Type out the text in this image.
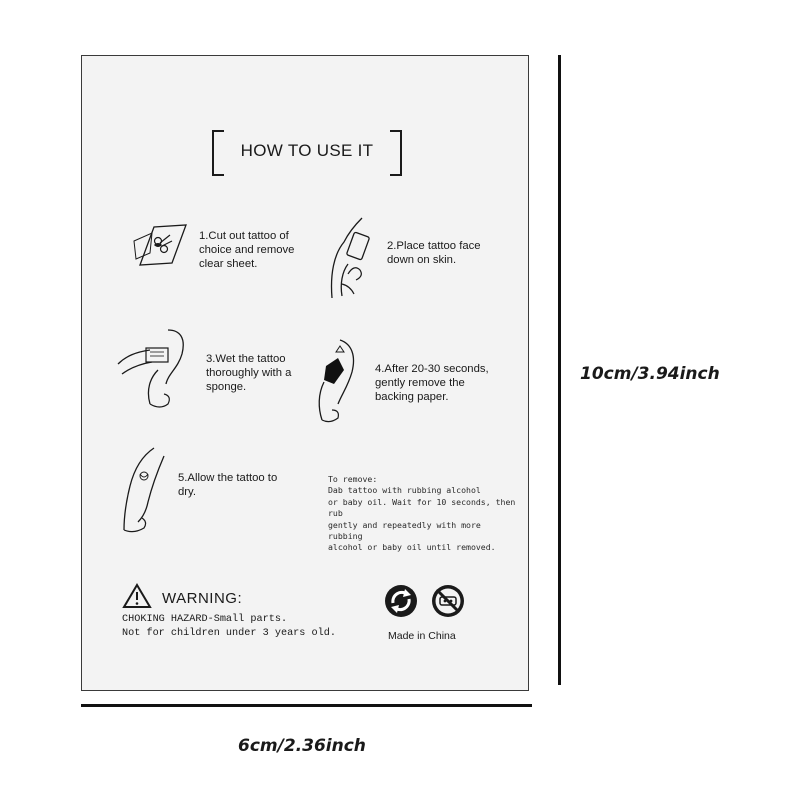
HOW TO USE IT
1.Cut out tattoo of choice and remove clear sheet.
2.Place tattoo face down on skin.
3.Wet the tattoo thoroughly with a sponge.
4.After 20-30 seconds, gently remove the backing paper.
5.Allow the tattoo to dry.
To remove:
Dab tattoo with rubbing alcohol
or baby oil. Wait for 10 seconds, then rub
gently and repeatedly with more rubbing
alcohol or baby oil until removed.
WARNING:
CHOKING HAZARD-Small parts.
Not for children under 3 years old.	Made in China
10cm/3.94inch
6cm/2.36inch
